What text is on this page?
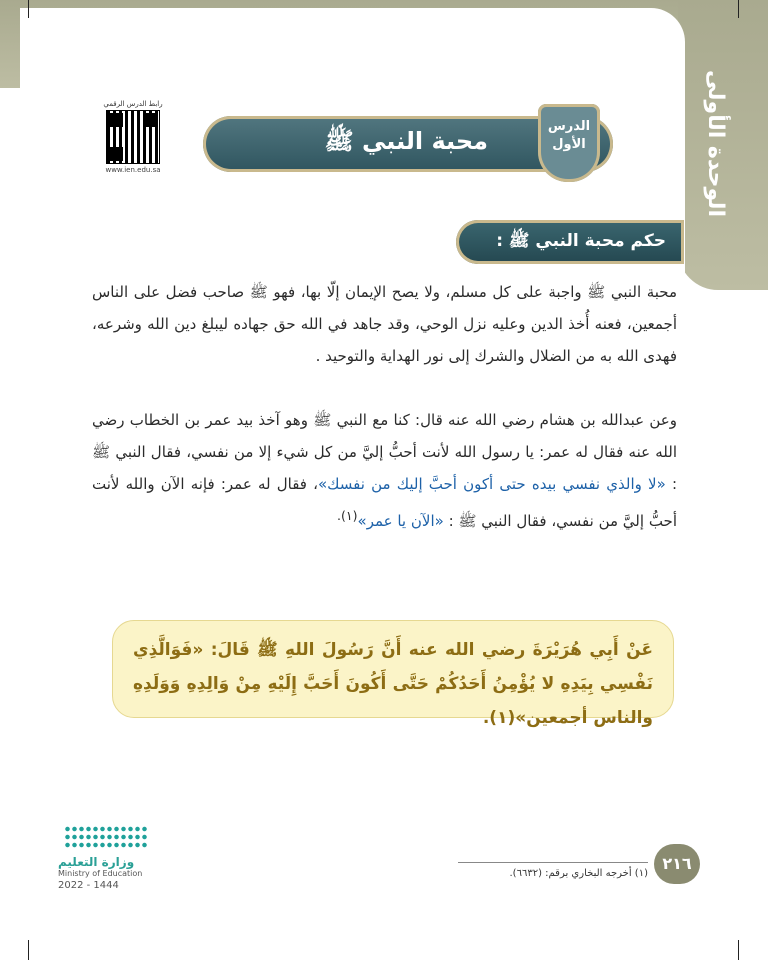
الوحدة الأولى
رابط الدرس الرقمي
www.ien.edu.sa
محبة النبي ﷺ
الدرس
الأول
حكم محبة النبي ﷺ :
محبة النبي ﷺ واجبة على كل مسلم، ولا يصح الإيمان إلّا بها، فهو ﷺ صاحب فضل على الناس أجمعين، فعنه أُخذ الدين وعليه نزل الوحي، وقد جاهد في الله حق جهاده ليبلغ دين الله وشرعه، فهدى الله به من الضلال والشرك إلى نور الهداية والتوحيد .
وعن عبدالله بن هشام رضي الله عنه قال: كنا مع النبي ﷺ وهو آخذ بيد عمر بن الخطاب رضي الله عنه فقال له عمر: يا رسول الله لأنت أحبُّ إليَّ من كل شيء إلا من نفسي، فقال النبي ﷺ : «لا والذي نفسي بيده حتى أكون أحبَّ إليك من نفسك»، فقال له عمر: فإنه الآن والله لأنت أحبُّ إليَّ من نفسي، فقال النبي ﷺ : «الآن يا عمر»$^{(١).}$
عَنْ أَبِي هُرَيْرَةَ رضي الله عنه أَنَّ رَسُولَ اللهِ ﷺ قَالَ: «فَوَالَّذِي نَفْسِي بِيَدِهِ لا يُؤْمِنُ أَحَدُكُمْ حَتَّى أَكُونَ أَحَبَّ إِلَيْهِ مِنْ وَالِدِهِ وَوَلَدِهِ والناس أجمعين»(١).
(١) أخرجه البخاري برقم: (٦٦٣٢).
٢١٦
وزارة التعليم
Ministry of Education
2022 - 1444
